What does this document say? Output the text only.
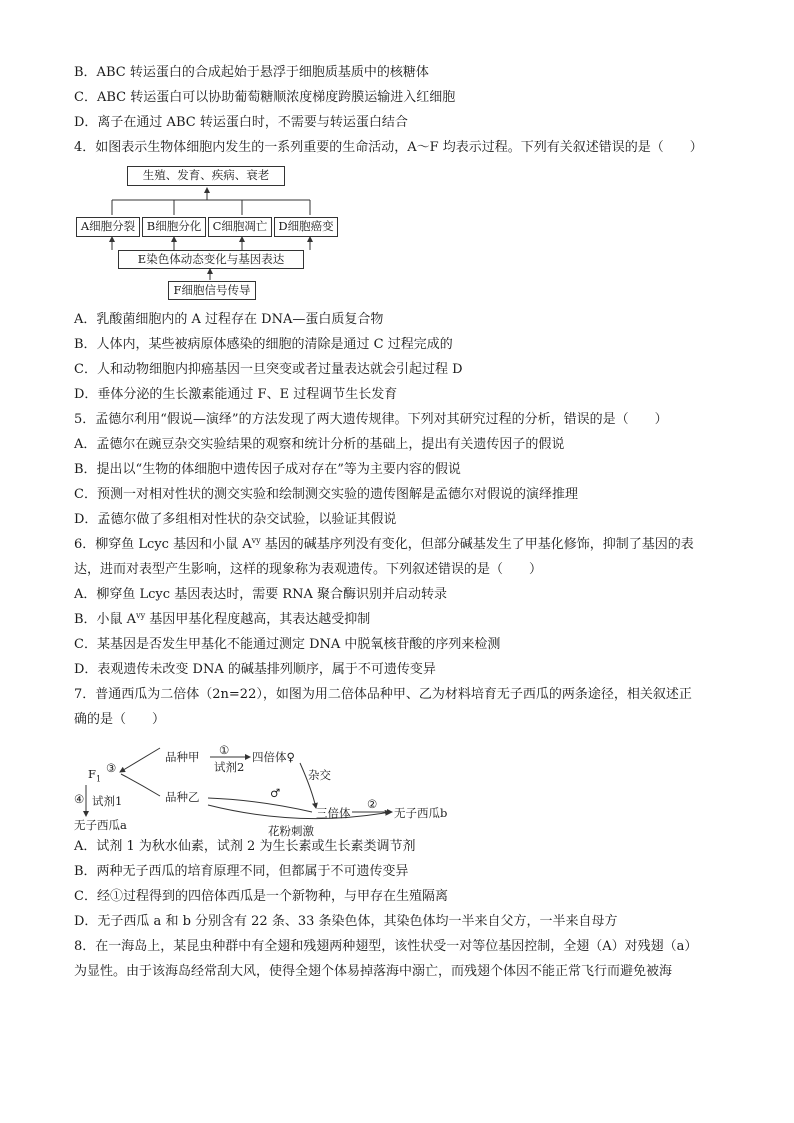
B．ABC 转运蛋白的合成起始于悬浮于细胞质基质中的核糖体
C．ABC 转运蛋白可以协助葡萄糖顺浓度梯度跨膜运输进入红细胞
D．离子在通过 ABC 转运蛋白时，不需要与转运蛋白结合
4．如图表示生物体细胞内发生的一系列重要的生命活动，A～F 均表示过程。下列有关叙述错误的是（　　）
生殖、发育、疾病、衰老
A细胞分裂	B细胞分化 C细胞凋亡 D细胞癌变
E染色体动态变化与基因表达
F细胞信号传导
A．乳酸菌细胞内的 A 过程存在 DNA—蛋白质复合物
B．人体内，某些被病原体感染的细胞的清除是通过 C 过程完成的
C．人和动物细胞内抑癌基因一旦突变或者过量表达就会引起过程 D
D．垂体分泌的生长激素能通过 F、E 过程调节生长发育
5．孟德尔利用“假说—演绎”的方法发现了两大遗传规律。下列对其研究过程的分析，错误的是（　　）
A．孟德尔在豌豆杂交实验结果的观察和统计分析的基础上，提出有关遗传因子的假说
B．提出以“生物的体细胞中遗传因子成对存在”等为主要内容的假说
C．预测一对相对性状的测交实验和绘制测交实验的遗传图解是孟德尔对假说的演绎推理
D．孟德尔做了多组相对性状的杂交试验，以验证其假说
6．柳穿鱼 Lcyc 基因和小鼠 $A^{vy}$ 基因的碱基序列没有变化，但部分碱基发生了甲基化修饰，抑制了基因的表
达，进而对表型产生影响，这样的现象称为表观遗传。下列叙述错误的是（　　）
A．柳穿鱼 Lcyc 基因表达时，需要 RNA 聚合酶识别并启动转录
B．小鼠 $A^{vy}$ 基因甲基化程度越高，其表达越受抑制
C．某基因是否发生甲基化不能通过测定 DNA 中脱氧核苷酸的序列来检测
D．表观遗传未改变 DNA 的碱基排列顺序，属于不可遗传变异
7．普通西瓜为二倍体（2n=22），如图为用二倍体品种甲、乙为材料培育无子西瓜的两条途径，相关叙述正
确的是（　　）
品种甲
品种乙
①
试剂2
四倍体♀
杂交
♂
三倍体
②
无子西瓜b
花粉刺激
$F_1$
③
④ 试剂1
无子西瓜a
A．试剂 1 为秋水仙素，试剂 2 为生长素或生长素类调节剂
B．两种无子西瓜的培育原理不同，但都属于不可遗传变异
C．经①过程得到的四倍体西瓜是一个新物种，与甲存在生殖隔离
D．无子西瓜 a 和 b 分别含有 22 条、33 条染色体，其染色体均一半来自父方，一半来自母方
8．在一海岛上，某昆虫种群中有全翅和残翅两种翅型，该性状受一对等位基因控制，全翅（A）对残翅（a）
为显性。由于该海岛经常刮大风，使得全翅个体易掉落海中溺亡，而残翅个体因不能正常飞行而避免被海
